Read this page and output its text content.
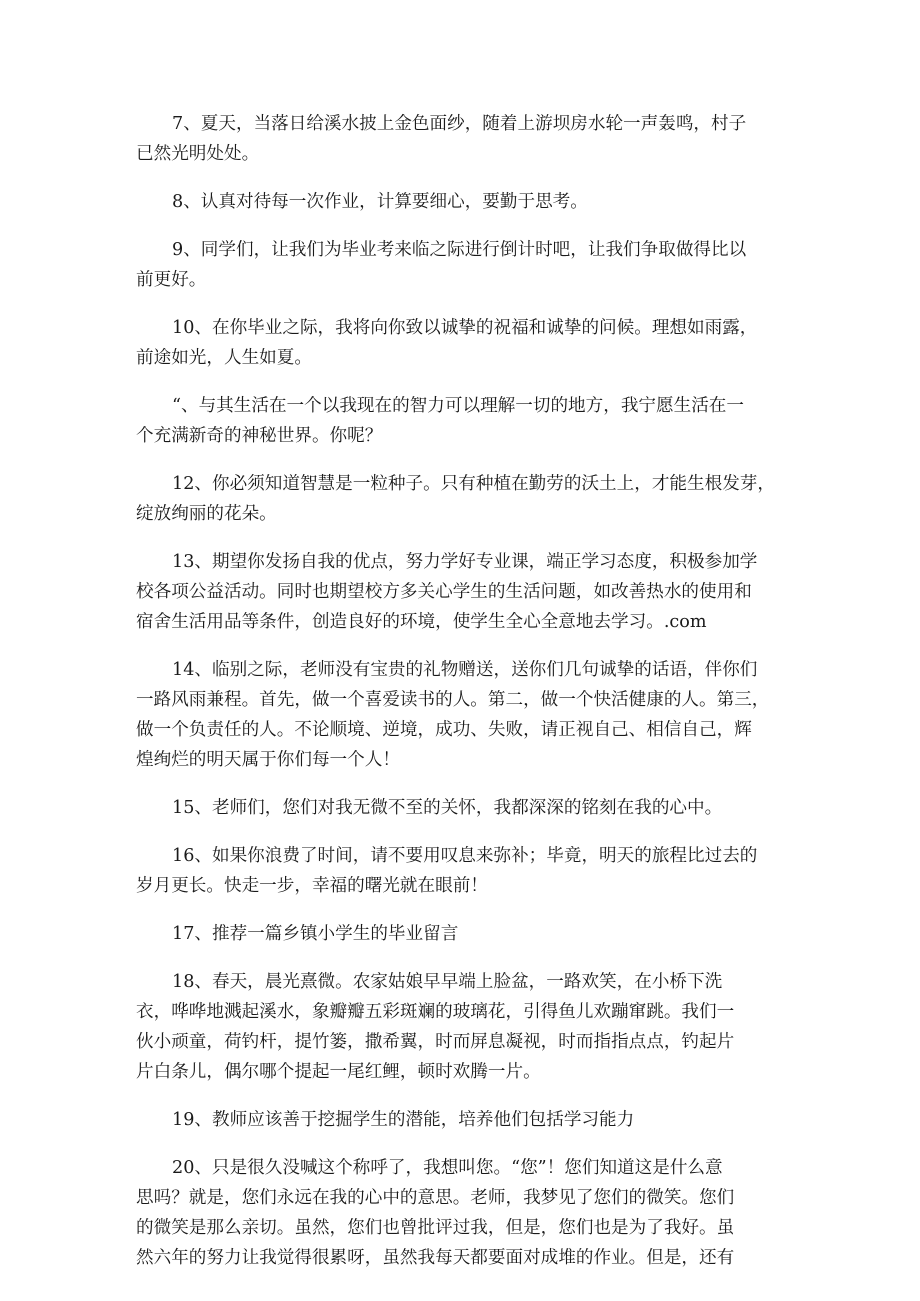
7、夏天，当落日给溪水披上金色面纱，随着上游坝房水轮一声轰鸣，村子
已然光明处处。

8、认真对待每一次作业，计算要细心，要勤于思考。

9、同学们，让我们为毕业考来临之际进行倒计时吧，让我们争取做得比以
前更好。

10、在你毕业之际，我将向你致以诚挚的祝福和诚挚的问候。理想如雨露，
前途如光，人生如夏。

“、与其生活在一个以我现在的智力可以理解一切的地方，我宁愿生活在一
个充满新奇的神秘世界。你呢？

12、你必须知道智慧是一粒种子。只有种植在勤劳的沃土上，才能生根发芽，
绽放绚丽的花朵。

13、期望你发扬自我的优点，努力学好专业课，端正学习态度，积极参加学
校各项公益活动。同时也期望校方多关心学生的生活问题，如改善热水的使用和
宿舍生活用品等条件，创造良好的环境，使学生全心全意地去学习。.com

14、临别之际，老师没有宝贵的礼物赠送，送你们几句诚挚的话语，伴你们
一路风雨兼程。首先，做一个喜爱读书的人。第二，做一个快活健康的人。第三，
做一个负责任的人。不论顺境、逆境，成功、失败，请正视自己、相信自己，辉
煌绚烂的明天属于你们每一个人！

15、老师们，您们对我无微不至的关怀，我都深深的铭刻在我的心中。

16、如果你浪费了时间，请不要用叹息来弥补；毕竟，明天的旅程比过去的
岁月更长。快走一步，幸福的曙光就在眼前！

17、推荐一篇乡镇小学生的毕业留言

18、春天，晨光熹微。农家姑娘早早端上脸盆，一路欢笑，在小桥下洗
衣，哗哗地溅起溪水，象瓣瓣五彩斑斓的玻璃花，引得鱼儿欢蹦窜跳。我们一
伙小顽童，荷钓杆，提竹篓，撒希翼，时而屏息凝视，时而指指点点，钓起片
片白条儿，偶尔哪个提起一尾红鲤，顿时欢腾一片。

19、教师应该善于挖掘学生的潜能，培养他们包括学习能力

20、只是很久没喊这个称呼了，我想叫您。“您”！您们知道这是什么意
思吗？就是，您们永远在我的心中的意思。老师，我梦见了您们的微笑。您们
的微笑是那么亲切。虽然，您们也曾批评过我，但是，您们也是为了我好。虽
然六年的努力让我觉得很累呀，虽然我每天都要面对成堆的作业。但是，还有
